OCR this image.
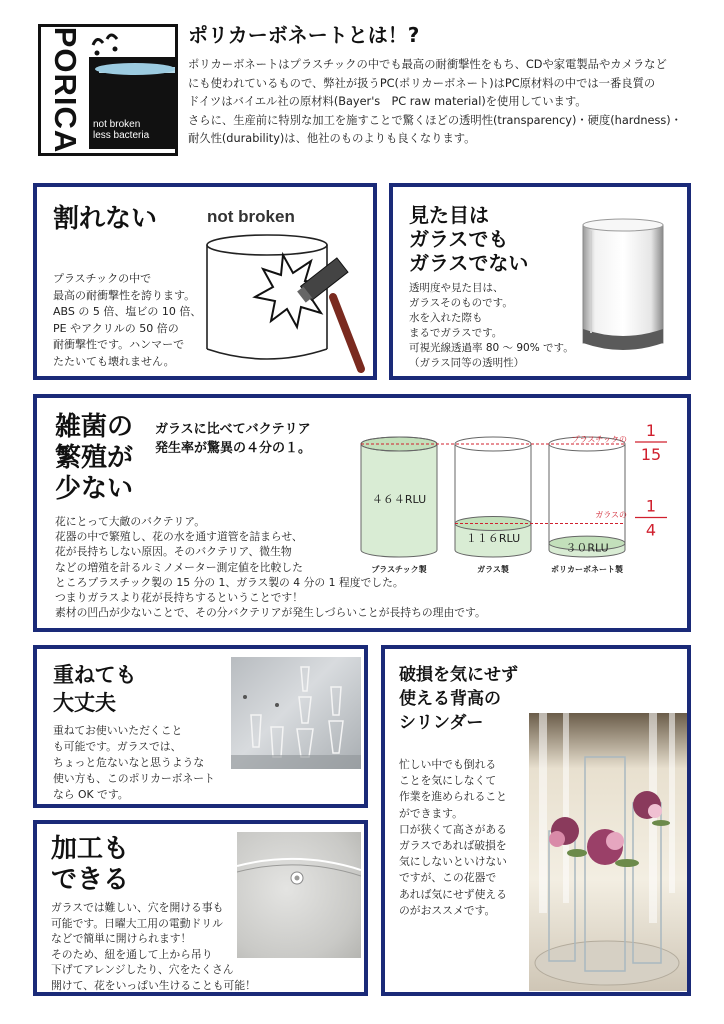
PORICA not broken
less bacteria
ポリカーボネートとは！?
ポリカーボネートはプラスチックの中でも最高の耐衝撃性をもち、CDや家電製品やカメラなど
にも使われているもので、弊社が扱うPC(ポリカーボネート)はPC原材料の中では一番良質の
ドイツはバイエル社の原材料(Bayer's　PC raw material)を使用しています。
さらに、生産前に特別な加工を施すことで驚くほどの透明性(transparency)・硬度(hardness)・
耐久性(durability)は、他社のものよりも良くなります。
割れない	not broken
プラスチックの中で
最高の耐衝撃性を誇ります。
ABS の 5 倍、塩ビの 10 倍、
PE やアクリルの 50 倍の
耐衝撃性です。ハンマーで
たたいても壊れません。
見た目は
ガラスでも
ガラスでない
透明度や見た目は、
ガラスそのものです。
水を入れた際も
まるでガラスです。
可視光線透過率 80 ～ 90% です。
（ガラス同等の透明性）
雑菌の
繁殖が
少ない
ガラスに比べてバクテリア
発生率が驚異の４分の１。
花にとって大敵のバクテリア。
花器の中で繁殖し、花の水を通す道管を詰まらせ、
花が長持ちしない原因。そのバクテリア、微生物
などの増殖を計るルミノメーター測定値を比較した
ところプラスチック製の 15 分の 1、ガラス製の 4 分の 1 程度でした。
つまりガラスより花が長持ちするということです！
素材の凹凸が少ないことで、その分バクテリアが発生しづらいことが長持ちの理由です。
４６４RLU
プラスチック製
１１６RLU
ガラス製
３０RLU
ポリカーボネート製
プラスチックの 1
15
ガラスの 1
4
重ねても
大丈夫
重ねてお使いいただくこと
も可能です。ガラスでは、
ちょっと危ないなと思うような
使い方も、このポリカーボネート
なら OK です。
加工も
できる
ガラスでは難しい、穴を開ける事も
可能です。日曜大工用の電動ドリル
などで簡単に開けられます！
そのため、紐を通して上から吊り
下げてアレンジしたり、穴をたくさん
開けて、花をいっぱい生けることも可能！
破損を気にせず
使える背高の
シリンダー
忙しい中でも倒れる
ことを気にしなくて
作業を進められること
ができます。
口が狭くて高さがある
ガラスであれば破損を
気にしないといけない
ですが、この花器で
あれば気にせず使える
のがおススメです。
